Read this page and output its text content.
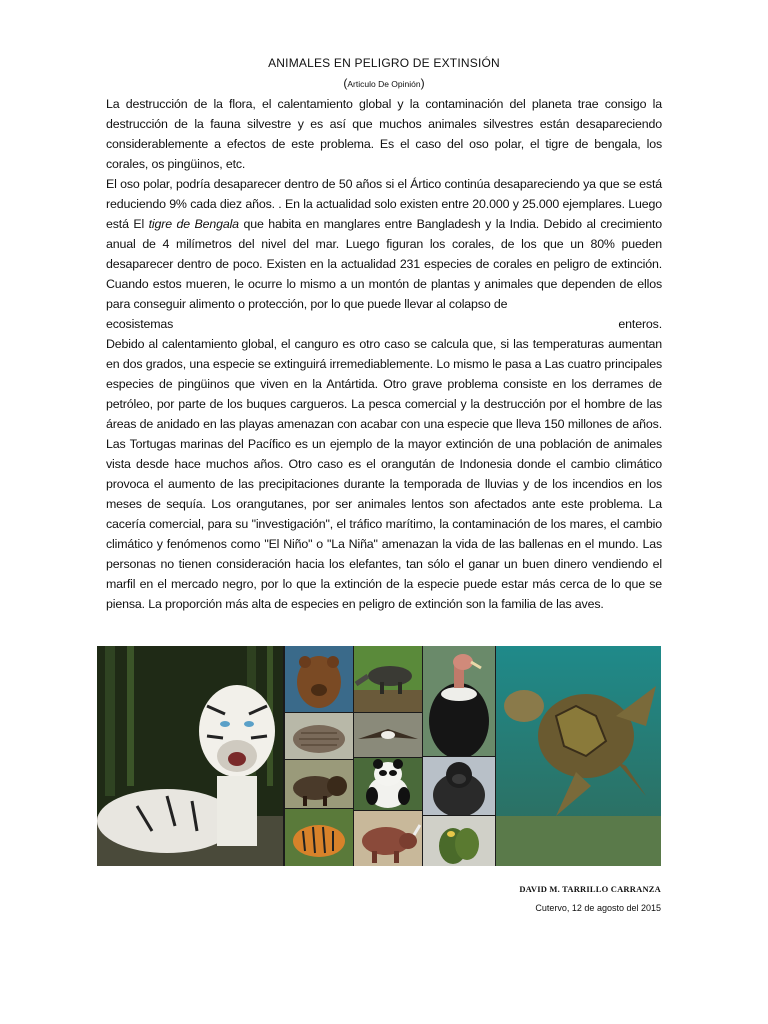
ANIMALES EN PELIGRO DE EXTINSIÓN
(Articulo De Opinión)

La destrucción de la flora, el calentamiento global y la contaminación del planeta trae consigo la destrucción de la fauna silvestre y es así que muchos animales silvestres están desapareciendo considerablemente a efectos de este problema. Es el caso del oso polar, el tigre de bengala, los corales, os pingüinos, etc.

El oso polar, podría desaparecer dentro de 50 años si el Ártico continúa desapareciendo ya que se está reduciendo 9% cada diez años. . En la actualidad solo existen entre 20.000 y 25.000 ejemplares. Luego está El tigre de Bengala que habita en manglares entre Bangladesh y la India. Debido al crecimiento anual de 4 milímetros del nivel del mar. Luego figuran los corales, de los que un 80% pueden desaparecer dentro de poco. Existen en la actualidad 231 especies de corales en peligro de extinción. Cuando estos mueren, le ocurre lo mismo a un montón de plantas y animales que dependen de ellos para conseguir alimento o protección, por lo que puede llevar al colapso de

ecosistemas	enteros.

Debido al calentamiento global, el canguro es otro caso se calcula que, si las temperaturas aumentan en dos grados, una especie se extinguirá irremediablemente. Lo mismo le pasa a Las cuatro principales especies de pingüinos que viven en la Antártida. Otro grave problema consiste en los derrames de petróleo, por parte de los buques cargueros. La pesca comercial y la destrucción por el hombre de las áreas de anidado en las playas amenazan con acabar con una especie que lleva 150 millones de años. Las Tortugas marinas del Pacífico es un ejemplo de la mayor extinción de una población de animales vista desde hace muchos años. Otro caso es el orangután de Indonesia donde el cambio climático provoca el aumento de las precipitaciones durante la temporada de lluvias y de los incendios en los meses de sequía. Los orangutanes, por ser animales lentos son afectados ante este problema. La cacería comercial, para su "investigación", el tráfico marítimo, la contaminación de los mares, el cambio climático y fenómenos como "El Niño" o "La Niña" amenazan la vida de las ballenas en el mundo. Las personas no tienen consideración hacia los elefantes, tan sólo el ganar un buen dinero vendiendo el marfil en el mercado negro, por lo que la extinción de la especie puede estar más cerca de lo que se piensa. La proporción más alta de especies en peligro de extinción son la familia de las aves.

DAVID M. TARRILLO CARRANZA
Cutervo, 12 de agosto del 2015
